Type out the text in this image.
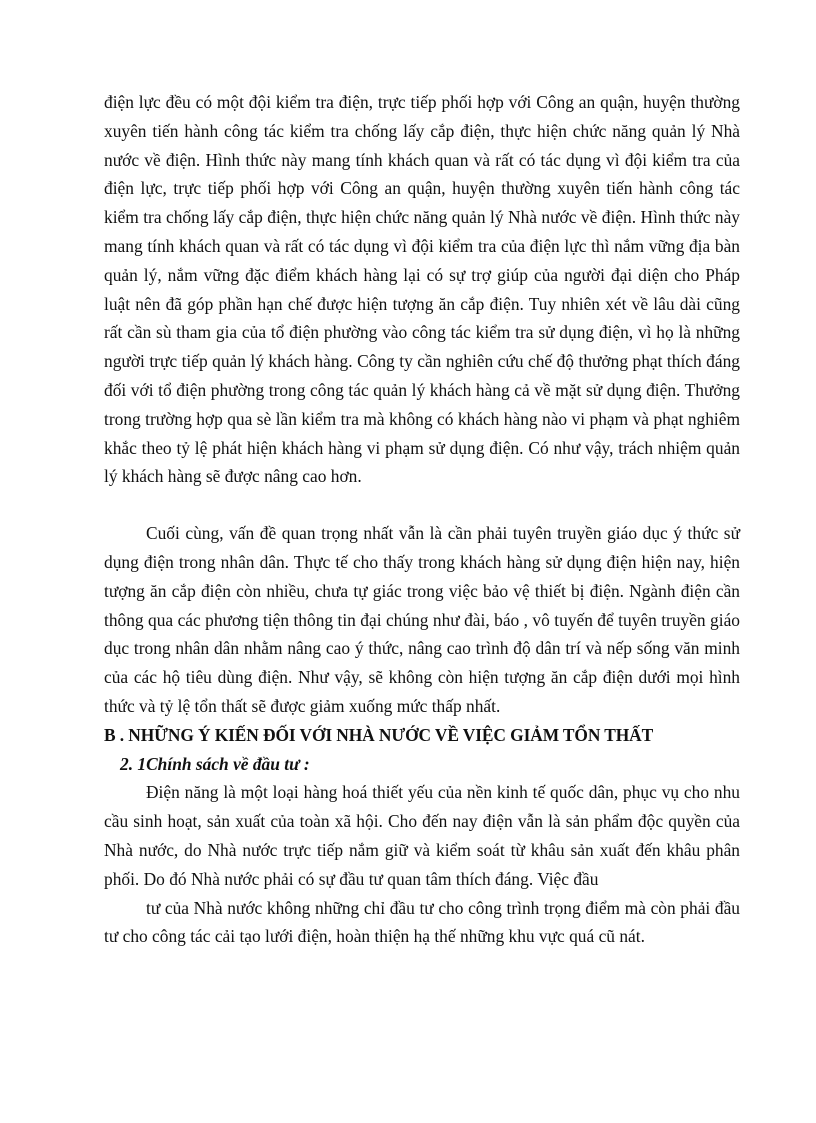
điện lực đều có một đội kiểm tra điện, trực tiếp phối hợp với Công an quận, huyện thường xuyên tiến hành công tác kiểm tra chống lấy cắp điện, thực hiện chức năng quản lý Nhà nước về điện. Hình thức này mang tính khách quan và rất có tác dụng vì đội kiểm tra của điện lực, trực tiếp phối hợp với Công an quận, huyện thường xuyên tiến hành công tác kiểm tra chống lấy cắp điện, thực hiện chức năng quản lý Nhà nước về điện. Hình thức này mang tính khách quan và rất có tác dụng vì đội kiểm tra của điện lực thì nắm vững địa bàn quản lý, nắm vững đặc điểm khách hàng lại có sự trợ giúp của người đại diện cho Pháp luật nên đã góp phần hạn chế được hiện tượng ăn cắp điện. Tuy nhiên xét về lâu dài cũng rất cần sù tham gia của tổ điện phường vào công tác kiểm tra sử dụng điện, vì họ là những người trực tiếp quản lý khách hàng. Công ty cần nghiên cứu chế độ thưởng phạt thích đáng đối với tổ điện phường trong công tác quản lý khách hàng cả về mặt sử dụng điện. Thưởng trong trường hợp qua sè lần kiểm tra mà không có khách hàng nào vi phạm và phạt nghiêm khắc theo tỷ lệ phát hiện khách hàng vi phạm sử dụng điện. Có như vậy, trách nhiệm quản lý khách hàng sẽ được nâng cao hơn.

Cuối cùng, vấn đề quan trọng nhất vẫn là cần phải tuyên truyền giáo dục ý thức sử dụng điện trong nhân dân. Thực tế cho thấy trong khách hàng sử dụng điện hiện nay, hiện tượng ăn cắp điện còn nhiều, chưa tự giác trong việc bảo vệ thiết bị điện. Ngành điện cần thông qua các phương tiện thông tin đại chúng như đài, báo , vô tuyến để tuyên truyền giáo dục trong nhân dân nhằm nâng cao ý thức, nâng cao trình độ dân trí và nếp sống văn minh của các hộ tiêu dùng điện. Như vậy, sẽ không còn hiện tượng ăn cắp điện dưới mọi hình thức và tỷ lệ tổn thất sẽ được giảm xuống mức thấp nhất.

B . NHỮNG Ý KIẾN ĐỐI VỚI NHÀ NƯỚC VỀ VIỆC GIẢM TỔN THẤT

2. 1Chính sách về đầu tư :

Điện năng là một loại hàng hoá thiết yếu của nền kinh tế quốc dân, phục vụ cho nhu cầu sinh hoạt, sản xuất của toàn xã hội. Cho đến nay điện vẫn là sản phẩm độc quyền của Nhà nước, do Nhà nước trực tiếp nắm giữ và kiểm soát từ khâu sản xuất đến khâu phân phối. Do đó Nhà nước phải có sự đầu tư quan tâm thích đáng. Việc đầu

tư của Nhà nước không những chỉ đầu tư cho công trình trọng điểm mà còn phải đầu tư cho công tác cải tạo lưới điện, hoàn thiện hạ thế những khu vực quá cũ nát.
